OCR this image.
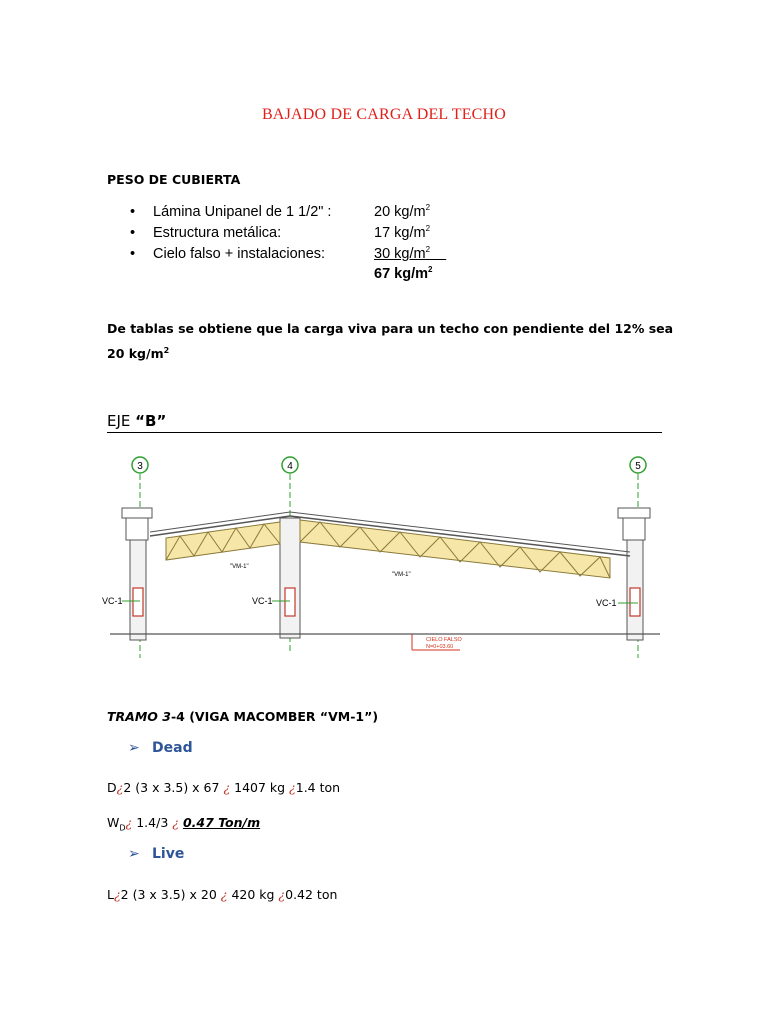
BAJADO DE CARGA DEL TECHO
PESO DE CUBIERTA
• Lámina Unipanel de 1 1/2" :	20 $kg/m^2$
• Estructura metálica:	17 $kg/m^2$
• Cielo falso + instalaciones:	30 $kg/m^2$
67 $kg/m^2$
De tablas se obtiene que la carga viva para un techo con pendiente del 12% sea
20 $kg/m^2$
EJE “B”
3	4	5
"VM-1"
"VM-1"
VC-1	VC-1	VC-1
CIELO FALSO
N=0+03.60
TRAMO 3-4 (VIGA MACOMBER “VM-1”)
➢ Dead
D¿2 (3 x 3.5) x 67 ¿ 1407 kg ¿1.4 ton
$W_D¿$ 1.4/3 ¿ 0.47 Ton/m
➢ Live
L¿2 (3 x 3.5) x 20 ¿ 420 kg ¿0.42 ton
